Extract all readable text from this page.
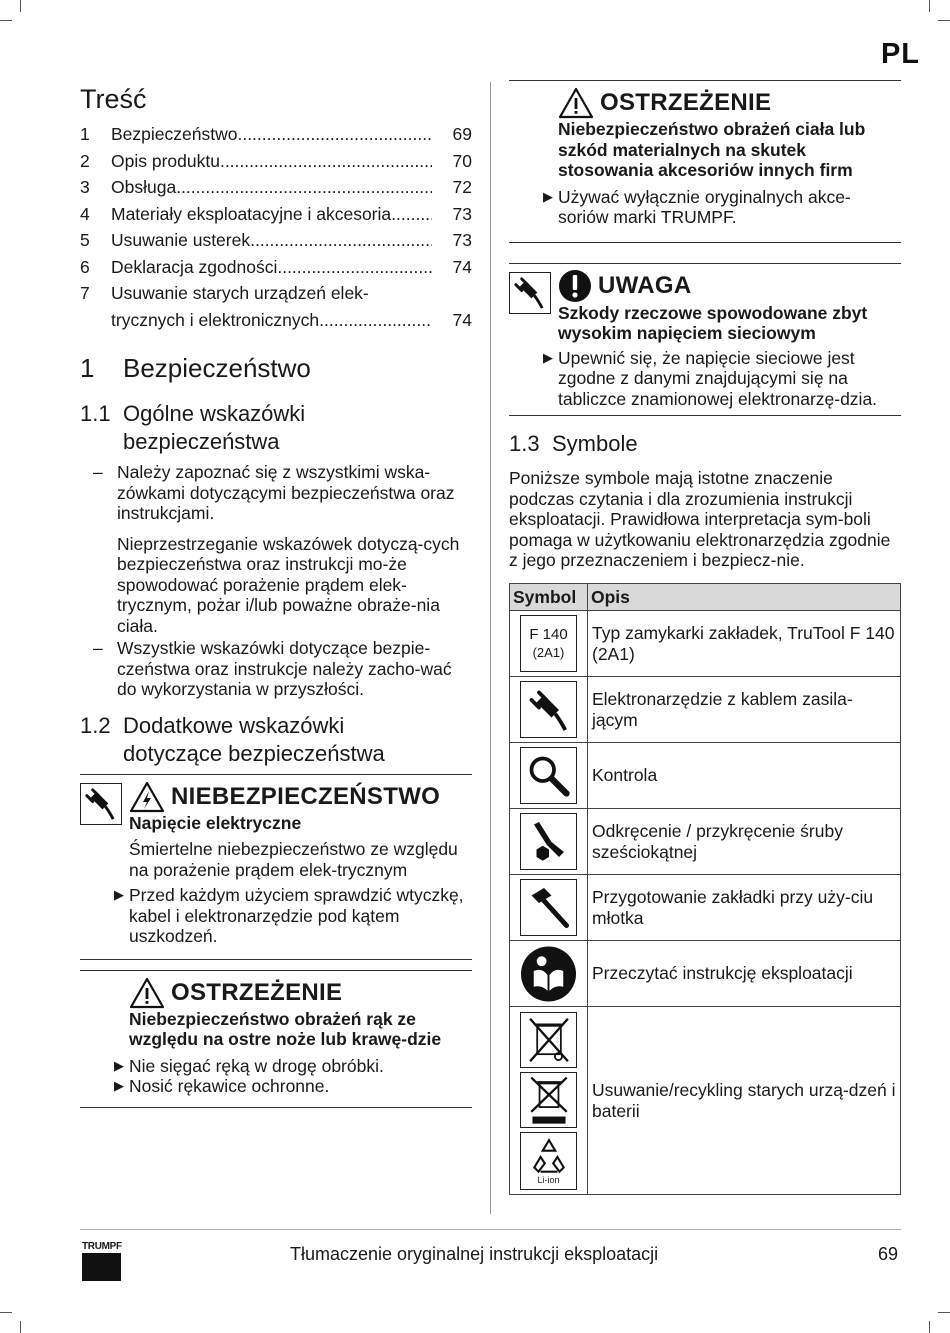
PL
Treść
1	Bezpieczeństwo .....	69
2	Opis produktu .....	70
3	Obsługa .....	72
4	Materiały eksploatacyjne i akcesoria .....	73
5	Usuwanie usterek .....	73
6	Deklaracja zgodności .....	74
7	Usuwanie starych urządzeń elek-
trycznych i elektronicznych .....	74
1	Bezpieczeństwo
1.1 Ogólne wskazówki
bezpieczeństwa
– Należy zapoznać się z wszystkimi wska-zówkami dotyczącymi bezpieczeństwa oraz instrukcjami.

Nieprzestrzeganie wskazówek dotyczą-cych bezpieczeństwa oraz instrukcji mo-że spowodować porażenie prądem elek-trycznym, pożar i/lub poważne obraże-nia ciała.

– Wszystkie wskazówki dotyczące bezpie-czeństwa oraz instrukcje należy zacho-wać do wykorzystania w przyszłości.

1.2 Dodatkowe wskazówki
dotyczące bezpieczeństwa
NIEBEZPIECZEŃSTWO
Napięcie elektryczne
Śmiertelne niebezpieczeństwo ze względu na porażenie prądem elek-trycznym
▶ Przed każdym użyciem sprawdzić wtyczkę, kabel i elektronarzędzie pod kątem uszkodzeń.
OSTRZEŻENIE
Niebezpieczeństwo obrażeń rąk ze względu na ostre noże lub krawę-dzie
▶ Nie sięgać ręką w drogę obróbki.
▶ Nosić rękawice ochronne.
OSTRZEŻENIE
Niebezpieczeństwo obrażeń ciała lub szkód materialnych na skutek stosowania akcesoriów innych firm
▶ Używać wyłącznie oryginalnych akce-soriów marki TRUMPF.
UWAGA
Szkody rzeczowe spowodowane zbyt wysokim napięciem sieciowym
▶ Upewnić się, że napięcie sieciowe jest zgodne z danymi znajdującymi się na tabliczce znamionowej elektronarzę-dzia.
1.3 Symbole

Poniższe symbole mają istotne znaczenie podczas czytania i dla zrozumienia instrukcji eksploatacji. Prawidłowa interpretacja sym-boli pomaga w użytkowaniu elektronarzędzia zgodnie z jego przeznaczeniem i bezpiecz-nie.

Symbol	Opis

F 140
(2A1)	Typ zamykarki zakładek, TruTool F 140 (2A1)

	Elektronarzędzie z kablem zasila-jącym

	Kontrola

	Odkręcenie / przykręcenie śruby sześciokątnej

	Przygotowanie zakładki przy uży-ciu młotka

	Przeczytać instrukcję eksploatacji

Li-ion	Usuwanie/recykling starych urzą-dzeń i baterii
TRUMPF	Tłumaczenie oryginalnej instrukcji eksploatacji	69
